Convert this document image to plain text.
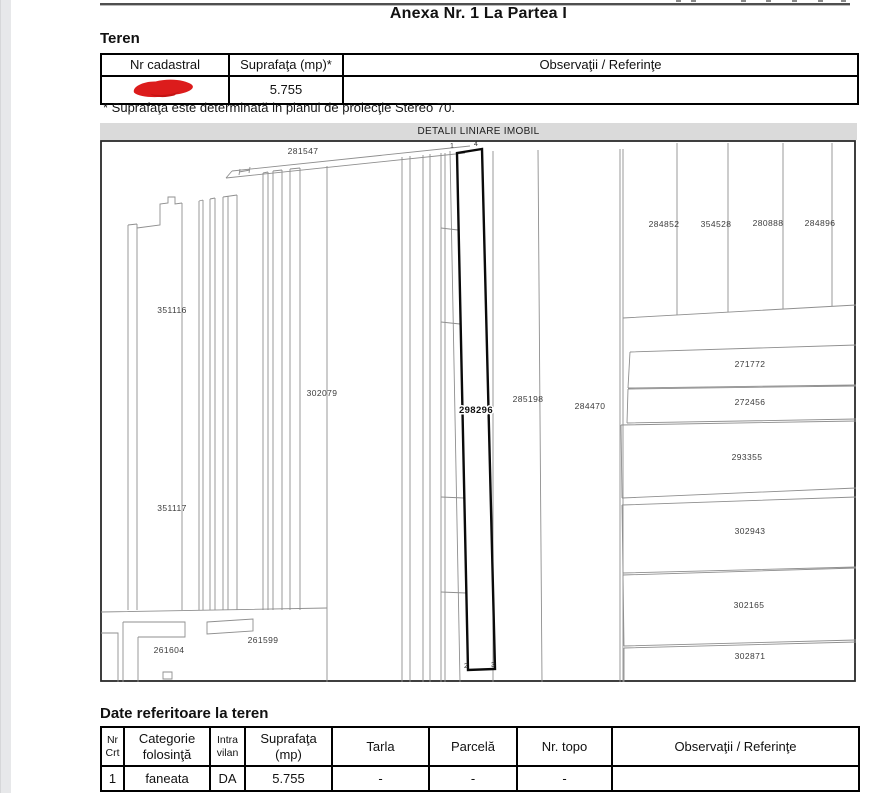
Anexa Nr. 1 La Partea I
Teren
Nr cadastral	Suprafaţa (mp)*	Observaţii / Referinţe
	5.755	
* Suprafaţa este determinată in planul de proiecţie Stereo 70.
DETALII LINIARE IMOBIL
281547
351116
302079
351117
285198
284470
284852 354528 280888 284896
271772
272456
293355
302943
302165
302871
261599
261604
298296
1	4
2	3
Date referitoare la teren
Nr Crt	Categorie folosinţă	Intra vilan	Suprafaţa (mp)	Tarla	Parcelă	Nr. topo	Observaţii / Referinţe
1	faneata	DA	5.755	-	-	-	
